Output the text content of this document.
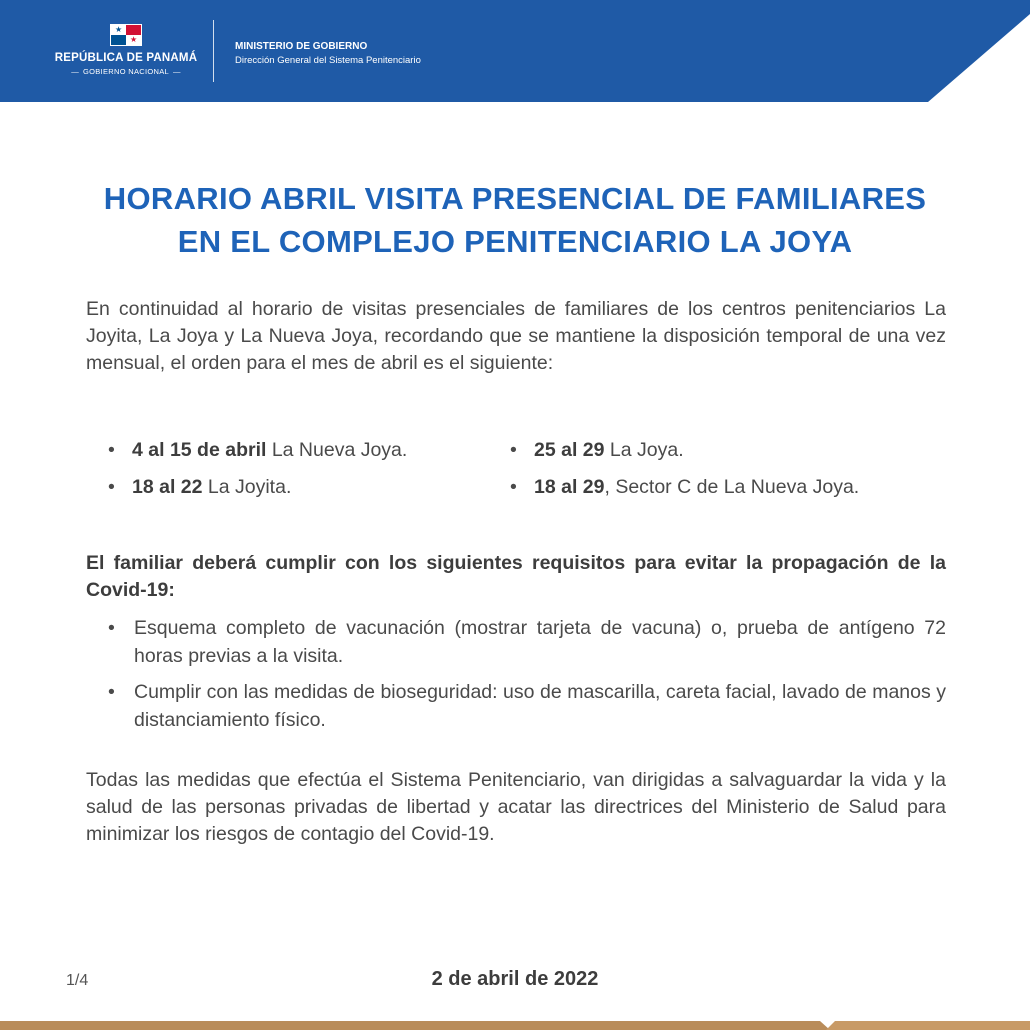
★
★
REPÚBLICA DE PANAMÁ
— GOBIERNO NACIONAL —
MINISTERIO DE GOBIERNO
Dirección General del Sistema Penitenciario
HORARIO ABRIL VISITA PRESENCIAL DE FAMILIARES
EN EL COMPLEJO PENITENCIARIO LA JOYA
En continuidad al horario de visitas presenciales de familiares de los centros penitenciarios La Joyita, La Joya y La Nueva Joya, recordando que se mantiene la disposición temporal de una vez mensual, el orden para el mes de abril es el siguiente:
• 4 al 15 de abril La Nueva Joya.
• 18 al 22 La Joyita.
• 25 al 29 La Joya.
• 18 al 29, Sector C de La Nueva Joya.
El familiar deberá cumplir con los siguientes requisitos para evitar la propagación de la Covid-19:
• Esquema completo de vacunación (mostrar tarjeta de vacuna) o, prueba de antígeno 72 horas previas a la visita.
• Cumplir con las medidas de bioseguridad: uso de mascarilla, careta facial, lavado de manos y distanciamiento físico.
Todas las medidas que efectúa el Sistema Penitenciario, van dirigidas a salvaguardar la vida y la salud de las personas privadas de libertad y acatar las directrices del Ministerio de Salud para minimizar los riesgos de contagio del Covid-19.
1/4	2 de abril de 2022
